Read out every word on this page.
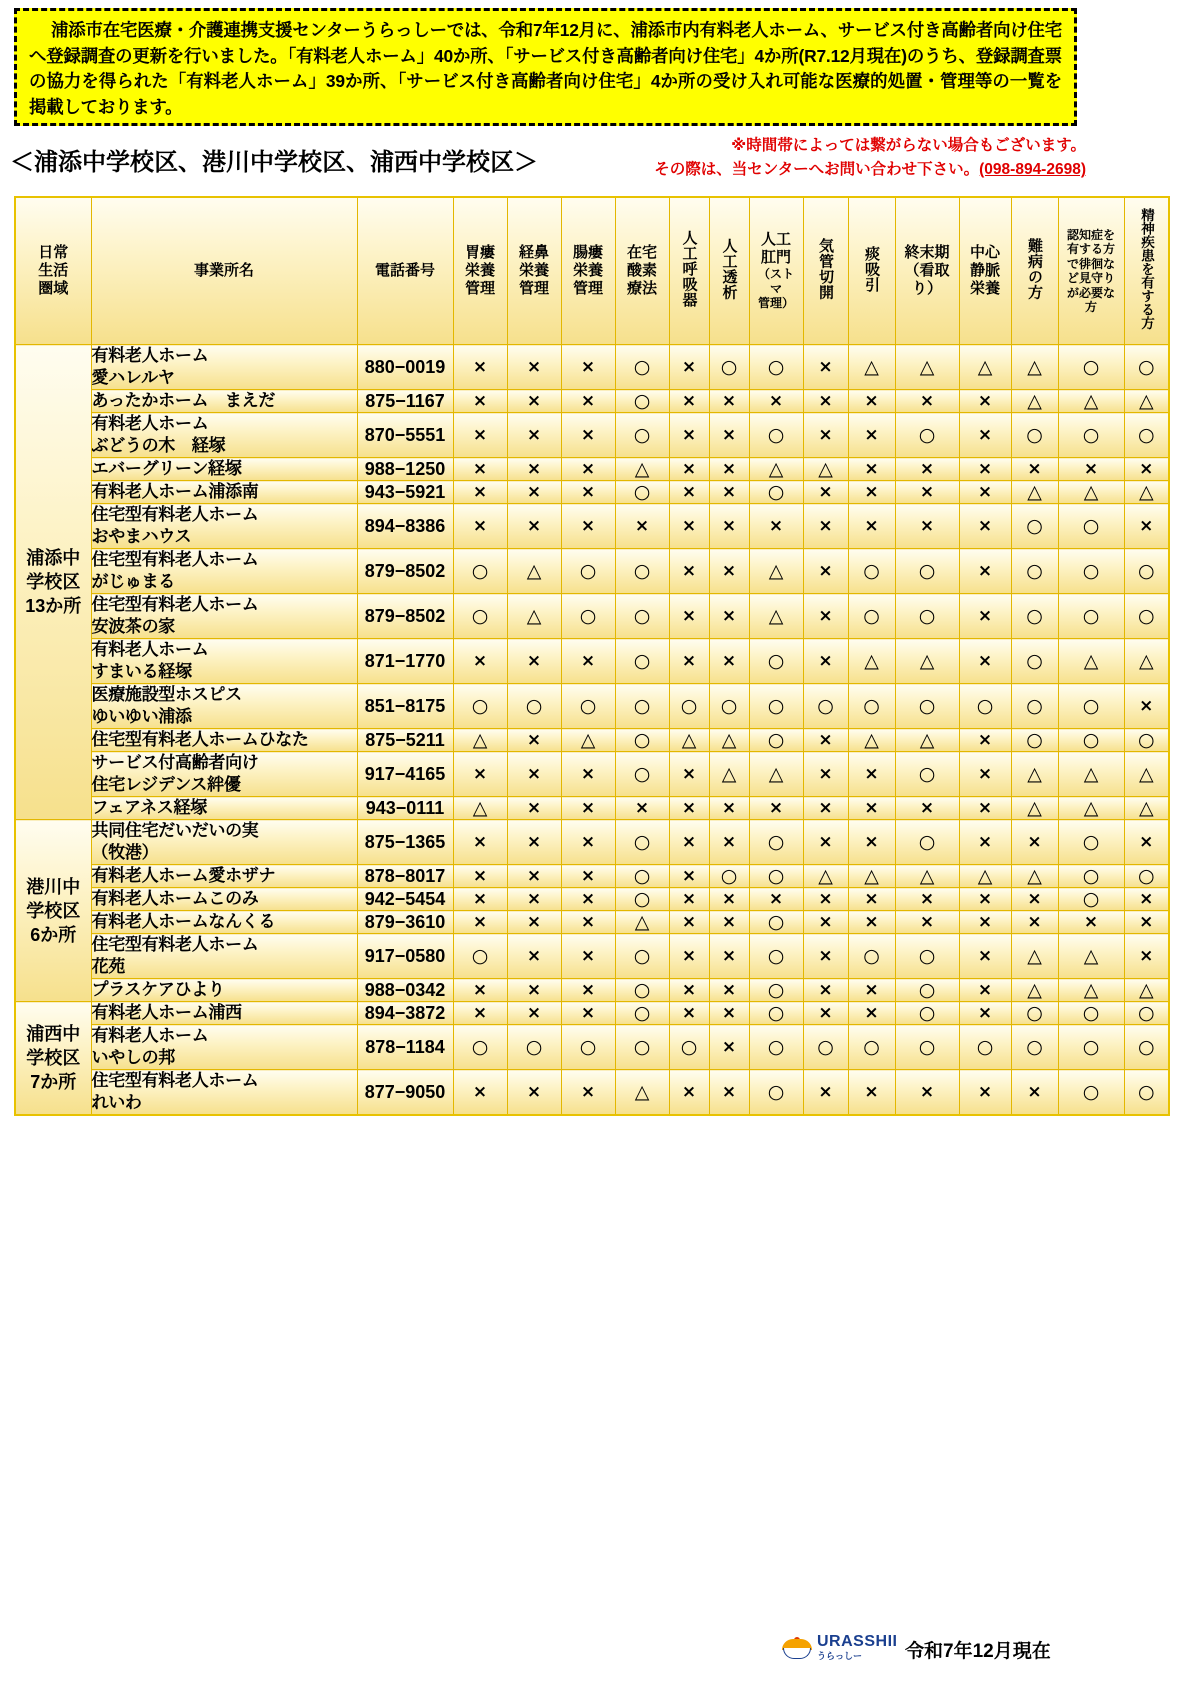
浦添市在宅医療・介護連携支援センターうらっしーでは、令和7年12月に、浦添市内有料老人ホーム、サービス付き高齢者向け住宅へ登録調査の更新を行いました。「有料老人ホーム」40か所、「サービス付き高齢者向け住宅」4か所(R7.12月現在)のうち、登録調査票の協力を得られた「有料老人ホーム」39か所、「サービス付き高齢者向け住宅」4か所の受け入れ可能な医療的処置・管理等の一覧を掲載しております。

＜浦添中学校区、港川中学校区、浦西中学校区＞
※時間帯によっては繋がらない場合もございます。
その際は、当センターへお問い合わせ下さい。(098-894-2698)
日常
生活
圏域	事業所名	電話番号	胃瘻
栄養
管理	経鼻
栄養
管理	腸瘻
栄養
管理	在宅
酸素
療法	人工呼吸器	人工透析	人工
肛門

（ストマ
管理）	気管切開	痰吸引	終末期
（看取
り）	中心
静脈
栄養	難病の方	認知症を有する方で徘徊など見守りが必要な方	精神疾患を有する方
浦添中
学校区
13か所	有料老人ホーム
愛ハレルヤ	880−0019	×	×	×	○	×	○	○	×	△	△	△	△	○	○
	あったかホーム　まえだ	875−1167	×	×	×	○	×	×	×	×	×	×	×	△	△	△
	有料老人ホーム
ぶどうの木　経塚	870−5551	×	×	×	○	×	×	○	×	×	○	×	○	○	○
	エバーグリーン経塚	988−1250	×	×	×	△	×	×	△	△	×	×	×	×	×	×
	有料老人ホーム浦添南	943−5921	×	×	×	○	×	×	○	×	×	×	×	△	△	△
	住宅型有料老人ホーム
おやまハウス	894−8386	×	×	×	×	×	×	×	×	×	×	×	○	○	×
	住宅型有料老人ホーム
がじゅまる	879−8502	○	△	○	○	×	×	△	×	○	○	×	○	○	○
	住宅型有料老人ホーム
安波茶の家	879−8502	○	△	○	○	×	×	△	×	○	○	×	○	○	○
	有料老人ホーム
すまいる経塚	871−1770	×	×	×	○	×	×	○	×	△	△	×	○	△	△
	医療施設型ホスピス
ゆいゆい浦添	851−8175	○	○	○	○	○	○	○	○	○	○	○	○	○	×
	住宅型有料老人ホームひなた	875−5211	△	×	△	○	△	△	○	×	△	△	×	○	○	○
	サービス付高齢者向け
住宅レジデンス絆優	917−4165	×	×	×	○	×	△	△	×	×	○	×	△	△	△
	フェアネス経塚	943−0111	△	×	×	×	×	×	×	×	×	×	×	△	△	△
港川中
学校区
6か所	共同住宅だいだいの実
（牧港）	875−1365	×	×	×	○	×	×	○	×	×	○	×	×	○	×
	有料老人ホーム愛ホザナ	878−8017	×	×	×	○	×	○	○	△	△	△	△	△	○	○
	有料老人ホームこのみ	942−5454	×	×	×	○	×	×	×	×	×	×	×	×	○	×
	有料老人ホームなんくる	879−3610	×	×	×	△	×	×	○	×	×	×	×	×	×	×
	住宅型有料老人ホーム
花苑	917−0580	○	×	×	○	×	×	○	×	○	○	×	△	△	×
	プラスケアひより	988−0342	×	×	×	○	×	×	○	×	×	○	×	△	△	△
浦西中
学校区
7か所	有料老人ホーム浦西	894−3872	×	×	×	○	×	×	○	×	×	○	×	○	○	○
	有料老人ホーム
いやしの邦	878−1184	○	○	○	○	○	×	○	○	○	○	○	○	○	○
	住宅型有料老人ホーム
れいわ	877−9050	×	×	×	△	×	×	○	×	×	×	×	×	○	○
URASSHII
うらっしー	令和7年12月現在
